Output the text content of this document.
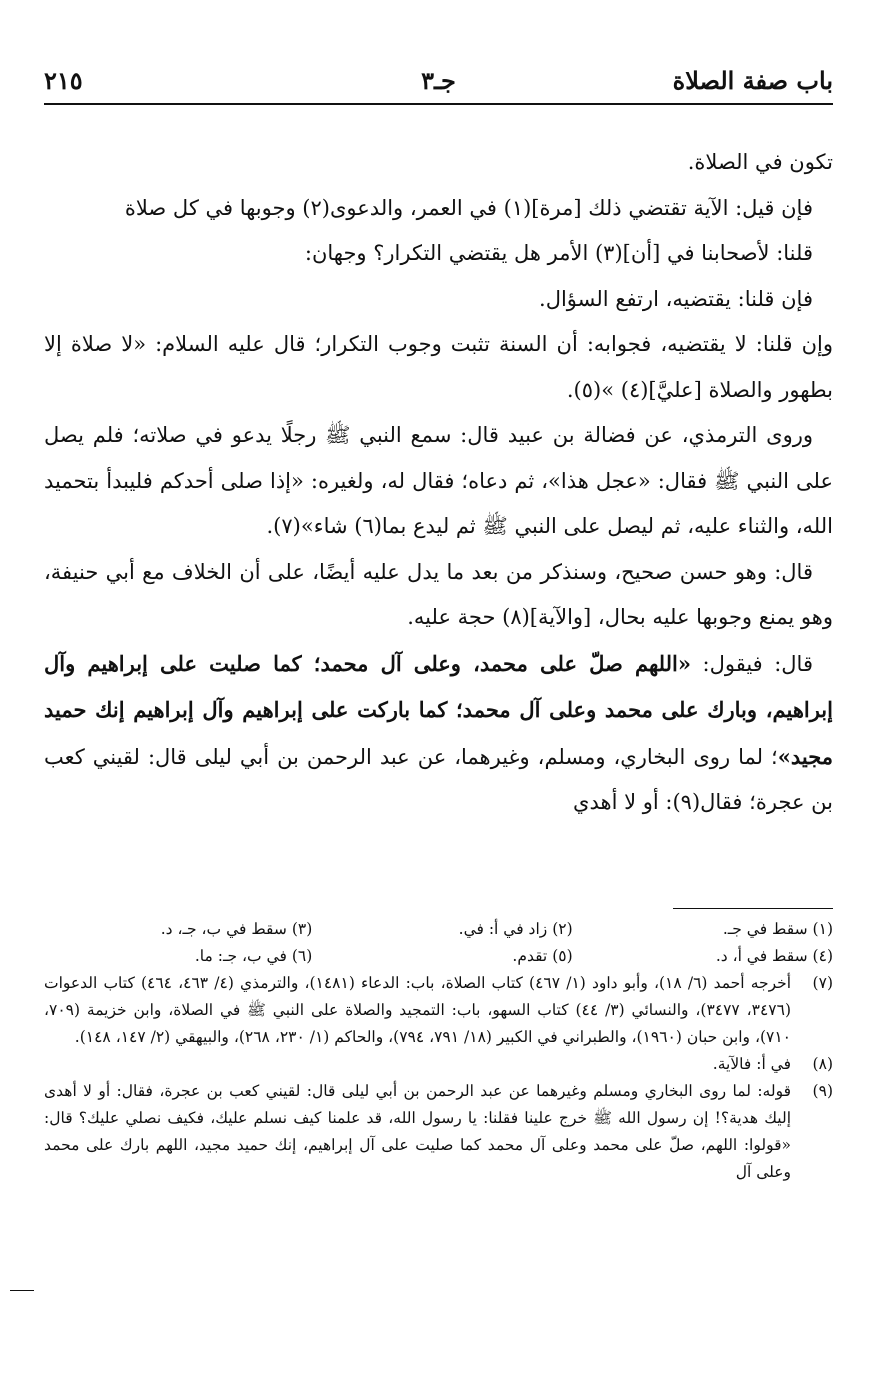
باب صفة الصلاة
جـ٣
٢١٥

تكون في الصلاة.

فإن قيل: الآية تقتضي ذلك [مرة](١) في العمر، والدعوى(٢) وجوبها في كل صلاة

قلنا: لأصحابنا في [أن](٣) الأمر هل يقتضي التكرار؟ وجهان:

فإن قلنا: يقتضيه، ارتفع السؤال.

وإن قلنا: لا يقتضيه، فجوابه: أن السنة تثبت وجوب التكرار؛ قال عليه السلام: «لا صلاة إلا بطهور والصلاة [عليَّ](٤) »(٥).

وروى الترمذي، عن فضالة بن عبيد قال: سمع النبي ﷺ رجلًا يدعو في صلاته؛ فلم يصل على النبي ﷺ فقال: «عجل هذا»، ثم دعاه؛ فقال له، ولغيره: «إذا صلى أحدكم فليبدأ بتحميد الله، والثناء عليه، ثم ليصل على النبي ﷺ ثم ليدع بما(٦) شاء»(٧).

قال: وهو حسن صحيح، وسنذكر من بعد ما يدل عليه أيضًا، على أن الخلاف مع أبي حنيفة، وهو يمنع وجوبها عليه بحال، [والآية](٨) حجة عليه.

قال: فيقول: «اللهم صلّ على محمد، وعلى آل محمد؛ كما صليت على إبراهيم وآل إبراهيم، وبارك على محمد وعلى آل محمد؛ كما باركت على إبراهيم وآل إبراهيم إنك حميد مجيد»؛ لما روى البخاري، ومسلم، وغيرهما، عن عبد الرحمن بن أبي ليلى قال: لقيني كعب بن عجرة؛ فقال(٩): أو لا أهدي

(١) سقط في جـ.
(٢) زاد في أ: في.
(٣) سقط في ب، جـ، د.
(٤) سقط في أ، د.
(٥) تقدم.
(٦) في ب، جـ: ما.
(٧)
أخرجه أحمد (٦/ ١٨)، وأبو داود (١/ ٤٦٧) كتاب الصلاة، باب: الدعاء (١٤٨١)، والترمذي (٤/ ٤٦٣، ٤٦٤) كتاب الدعوات (٣٤٧٦، ٣٤٧٧)، والنسائي (٣/ ٤٤) كتاب السهو، باب: التمجيد والصلاة على النبي ﷺ في الصلاة، وابن خزيمة (٧٠٩، ٧١٠)، وابن حبان (١٩٦٠)، والطبراني في الكبير (١٨/ ٧٩١، ٧٩٤)، والحاكم (١/ ٢٣٠، ٢٦٨)، والبيهقي (٢/ ١٤٧، ١٤٨).
(٨)
في أ: فالآية.
(٩)
قوله: لما روى البخاري ومسلم وغيرهما عن عبد الرحمن بن أبي ليلى قال: لقيني كعب بن عجرة، فقال: أو لا أهدى إليك هدية؟! إن رسول الله ﷺ خرج علينا فقلنا: يا رسول الله، قد علمنا كيف نسلم عليك، فكيف نصلي عليك؟ قال: «قولوا: اللهم، صلّ على محمد وعلى آل محمد كما صليت على آل إبراهيم، إنك حميد مجيد، اللهم بارك على محمد وعلى آل
